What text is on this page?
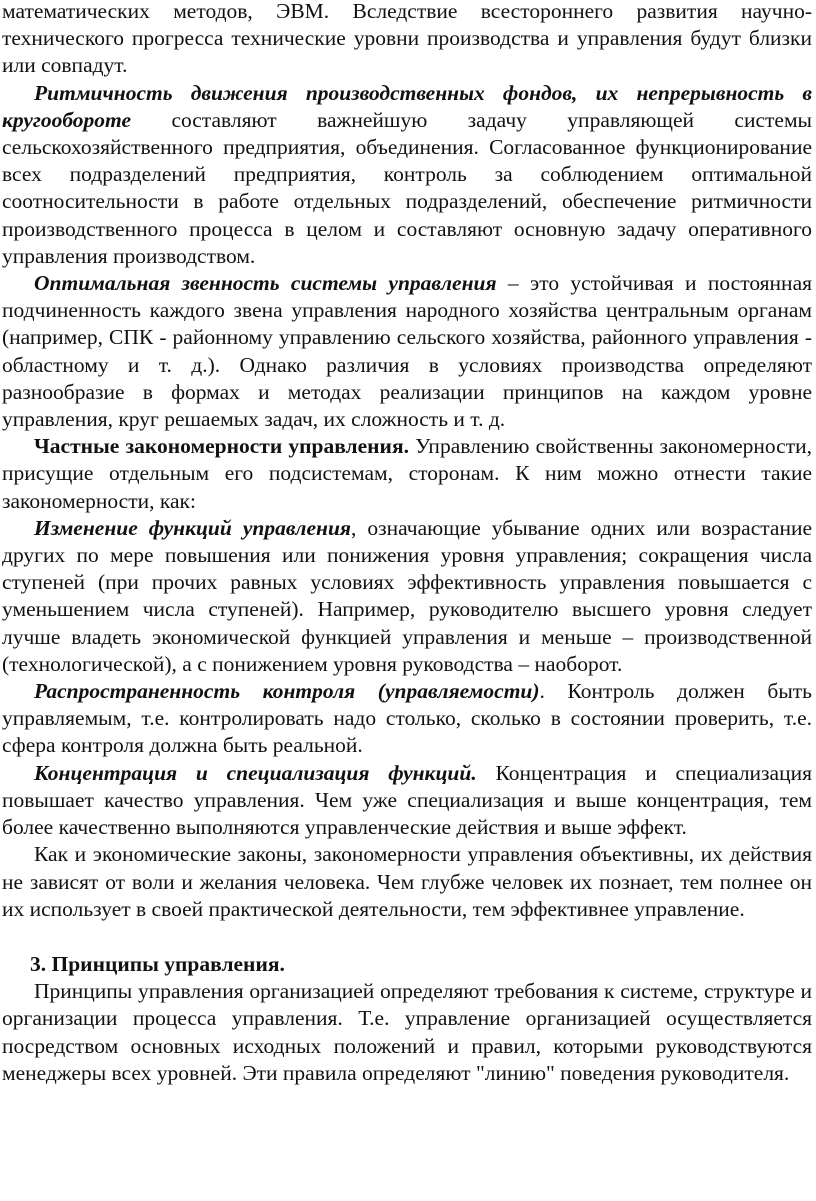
математических методов, ЭВМ. Вследствие всестороннего развития научно-технического прогресса технические уровни производства и управления будут близки или совпадут.

Ритмичность движения производственных фондов, их непрерывность в кругообороте составляют важнейшую задачу управляющей системы сельскохозяйственного предприятия, объединения. Согласованное функционирование всех подразделений предприятия, контроль за соблюдением оптимальной соотносительности в работе отдельных подразделений, обеспечение ритмичности производственного процесса в целом и составляют основную задачу оперативного управления производством.

Оптимальная звенность системы управления – это устойчивая и постоянная подчиненность каждого звена управления народного хозяйства центральным органам (например, СПК - районному управлению сельского хозяйства, районного управления - областному и т. д.). Однако различия в условиях производства определяют разнообразие в формах и методах реализации принципов на каждом уровне управления, круг решаемых задач, их сложность и т. д.

Частные закономерности управления. Управлению свойственны закономерности, присущие отдельным его подсистемам, сторонам. К ним можно отнести такие закономерности, как:

Изменение функций управления, означающие убывание одних или возрастание других по мере повышения или понижения уровня управления; сокращения числа ступеней (при прочих равных условиях эффективность управления повышается с уменьшением числа ступеней). Например, руководителю высшего уровня следует лучше владеть экономической функцией управления и меньше – производственной (технологической), а с понижением уровня руководства – наоборот.

Распространенность контроля (управляемости). Контроль должен быть управляемым, т.е. контролировать надо столько, сколько в состоянии проверить, т.е. сфера контроля должна быть реальной.

Концентрация и специализация функций. Концентрация и специализация повышает качество управления. Чем уже специализация и выше концентрация, тем более качественно выполняются управленческие действия и выше эффект.

Как и экономические законы, закономерности управления объективны, их действия не зависят от воли и желания человека. Чем глубже человек их познает, тем полнее он их использует в своей практической деятельности, тем эффективнее управление.

3. Принципы управления.

Принципы управления организацией определяют требования к системе, структуре и организации процесса управления. Т.е. управление организацией осуществляется посредством основных исходных положений и правил, которыми руководствуются менеджеры всех уровней. Эти правила определяют "линию" поведения руководителя.
